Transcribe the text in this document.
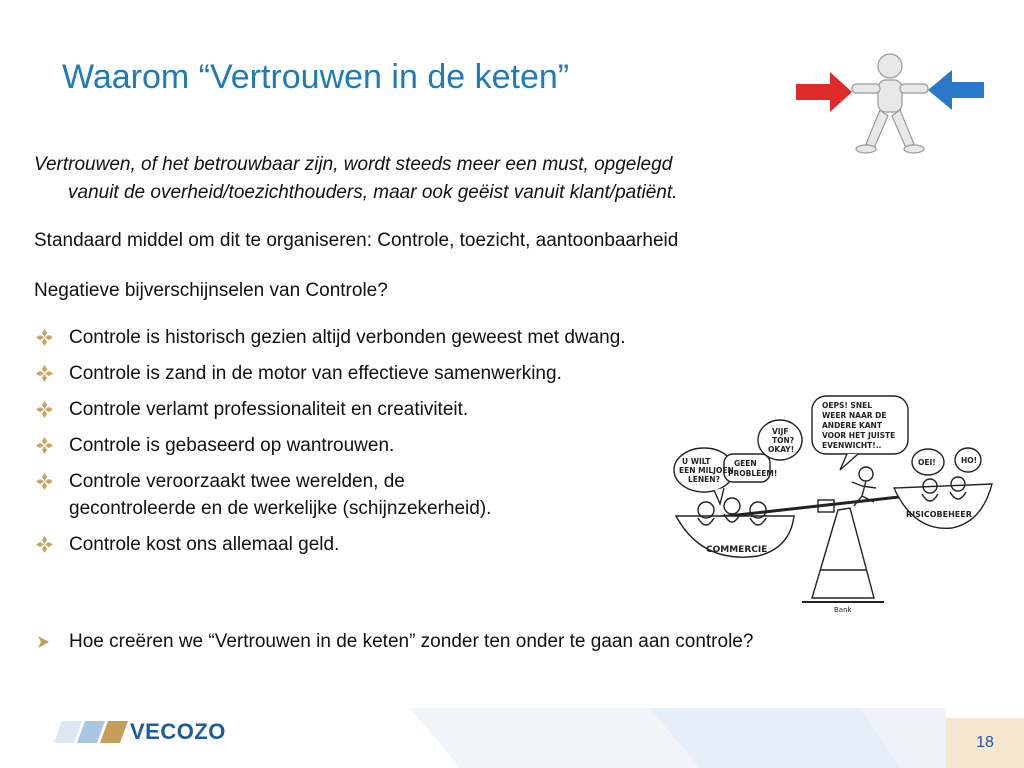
Waarom “Vertrouwen in de keten”
Vertrouwen, of het betrouwbaar zijn, wordt steeds meer een must, opgelegd
vanuit de overheid/toezichthouders, maar ook geëist vanuit klant/patiënt.
Standaard middel om dit te organiseren: Controle, toezicht, aantoonbaarheid
Negatieve bijverschijnselen van Controle?
Controle is historisch gezien altijd verbonden geweest met dwang.
Controle is zand in de motor van effectieve samenwerking.
Controle verlamt professionaliteit en creativiteit.
Controle is gebaseerd op wantrouwen.
Controle veroorzaakt twee werelden, de
gecontroleerde en de werkelijke (schijnzekerheid).
Controle kost ons allemaal geld.
OEPS! SNEL
WEER NAAR DE
ANDERE KANT
VOOR HET JUISTE
EVENWICHT!..
U WILT
EEN MILJOEN
LENEN?
GEEN
PROBLEEM!
VIJF
TON?
OKAY!
OEI!	HO!
COMMERCIE
RISICOBEHEER
Bank
Hoe creëren we “Vertrouwen in de keten” zonder ten onder te gaan aan controle?
VECOZO	18
